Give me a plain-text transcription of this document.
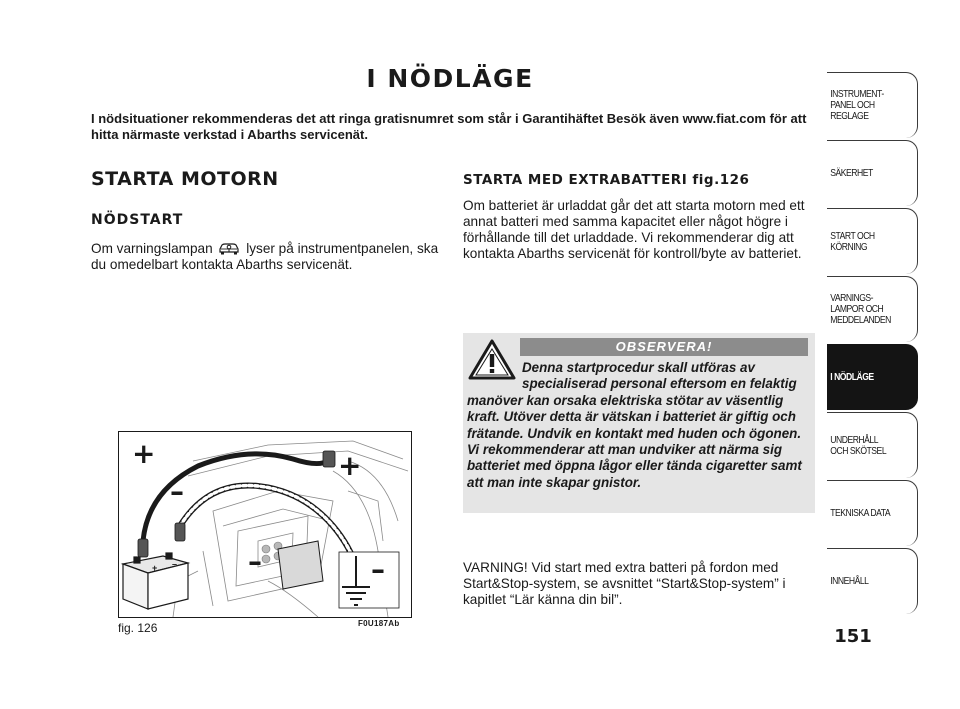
I NÖDLÄGE
I nödsituationer rekommenderas det att ringa gratisnumret som står i Garantihäftet Besök även www.fiat.com för att hitta närmaste verkstad i Abarths servicenät.
STARTA MOTORN
NÖDSTART
Om varningslampan lyser på instrumentpanelen, ska du omedelbart kontakta Abarths servicenät.
STARTA MED EXTRABATTERI fig.126
Om batteriet är urladdat går det att starta motorn med ett annat batteri med samma kapacitet eller något högre i förhållande till det urladdade. Vi rekommenderar dig att kontakta Abarths servicenät för kontroll/byte av batteriet.
OBSERVERA!
Denna startprocedur skall utföras av specialiserad personal eftersom en felaktig manöver kan orsaka elektriska stötar av väsentlig kraft. Utöver detta är vätskan i batteriet är giftig och frätande. Undvik en kontakt med huden och ögonen. Vi rekommenderar att man undviker att närma sig batteriet med öppna lågor eller tända cigaretter samt att man inte skapar gnistor.
VARNING! Vid start med extra batteri på fordon med Start&Stop-system, se avsnittet “Start&Stop-system” i kapitlet “Lär känna din bil”.
+ –	–
+	+
–
–
fig. 126	F0U187Ab
INSTRUMENT-
PANEL OCH
REGLAGE
SÄKERHET
START OCH
KÖRNING
VARNINGS-
LAMPOR OCH
MEDDELANDEN
I NÖDLÄGE
UNDERHÅLL
OCH SKÖTSEL
TEKNISKA DATA
INNEHÅLL
151
